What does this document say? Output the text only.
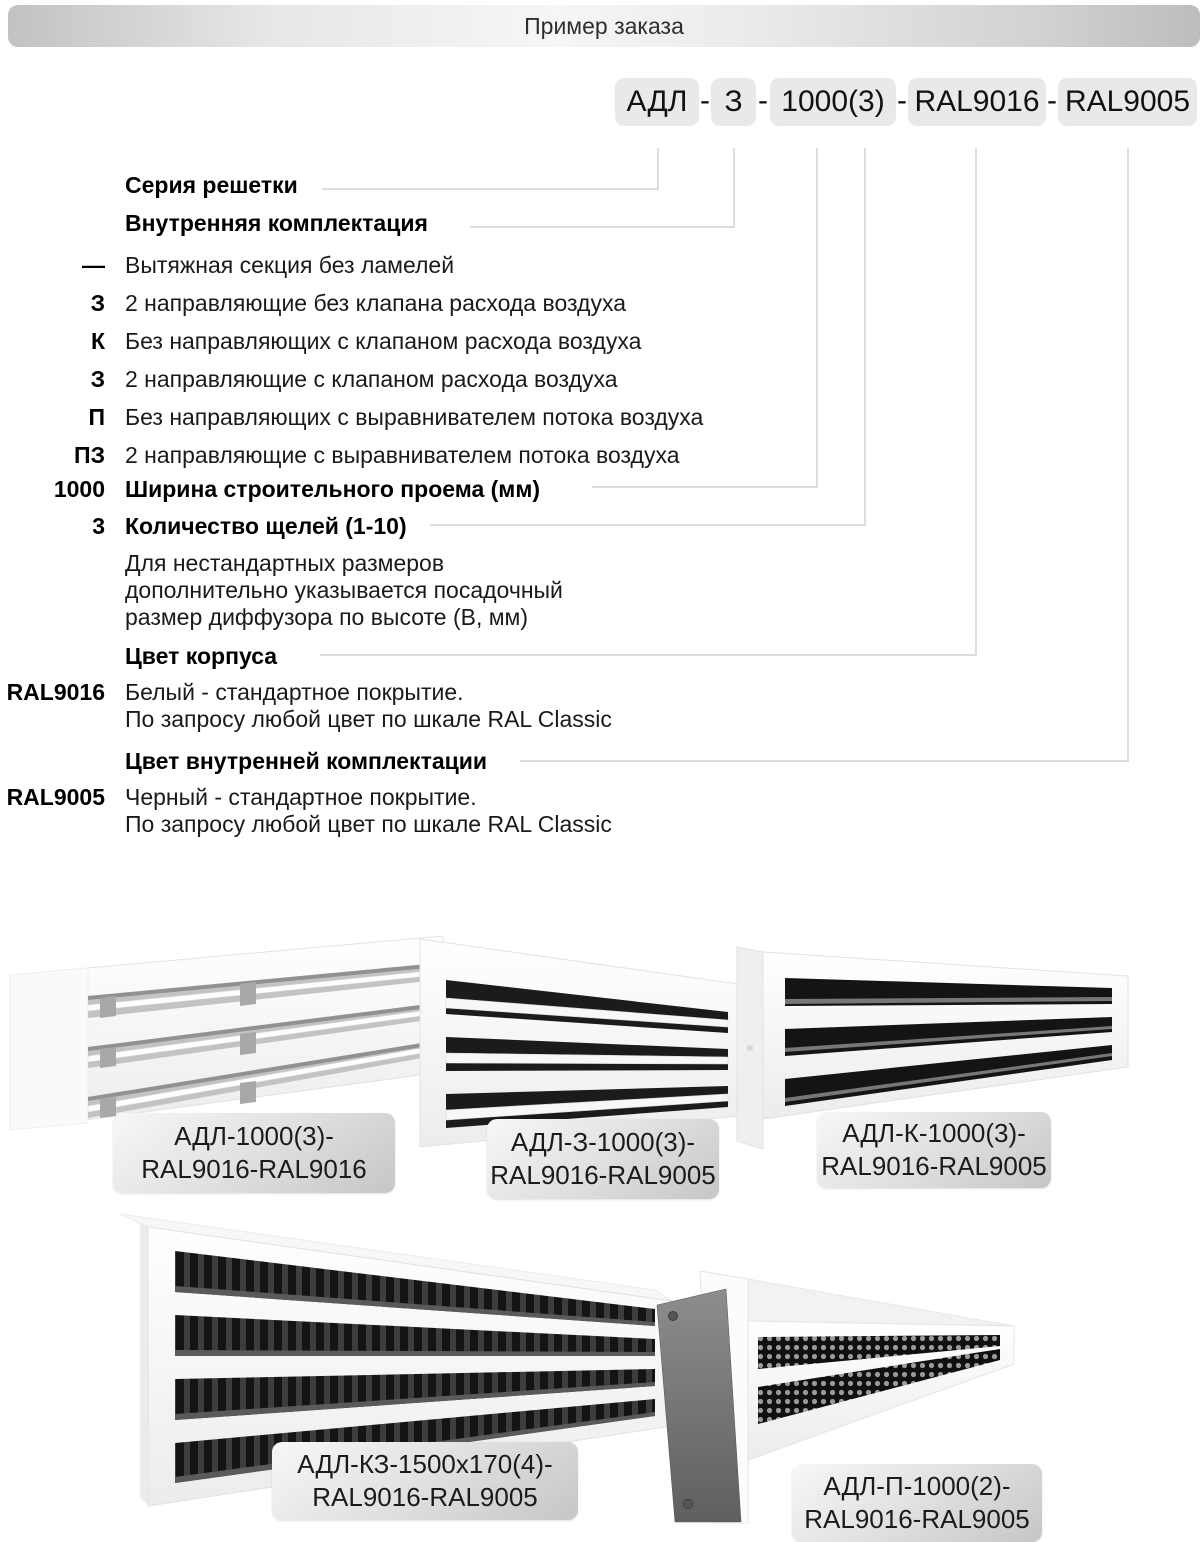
Пример заказа
АДЛ - З - 1000(3) - RAL9016 - RAL9005
Серия решетки
Внутренняя комплектация
— Вытяжная секция без ламелей
З 2 направляющие без клапана расхода воздуха
К Без направляющих с клапаном расхода воздуха
З 2 направляющие с клапаном расхода воздуха
П Без направляющих с выравнивателем потока воздуха
ПЗ 2 направляющие с выравнивателем потока воздуха
1000 Ширина строительного проема (мм)
3 Количество щелей (1-10)
Для нестандартных размеров
дополнительно указывается посадочный
размер диффузора по высоте (В, мм)
Цвет корпуса
RAL9016 Белый - стандартное покрытие.
По запросу любой цвет по шкале RAL Classic
Цвет внутренней комплектации
RAL9005 Черный - стандартное покрытие.
По запросу любой цвет по шкале RAL Classic
АДЛ-1000(3)-
RAL9016-RAL9016
АДЛ-З-1000(3)-
RAL9016-RAL9005
АДЛ-К-1000(3)-
RAL9016-RAL9005
АДЛ-КЗ-1500х170(4)-
RAL9016-RAL9005	АДЛ-П-1000(2)-
RAL9016-RAL9005
